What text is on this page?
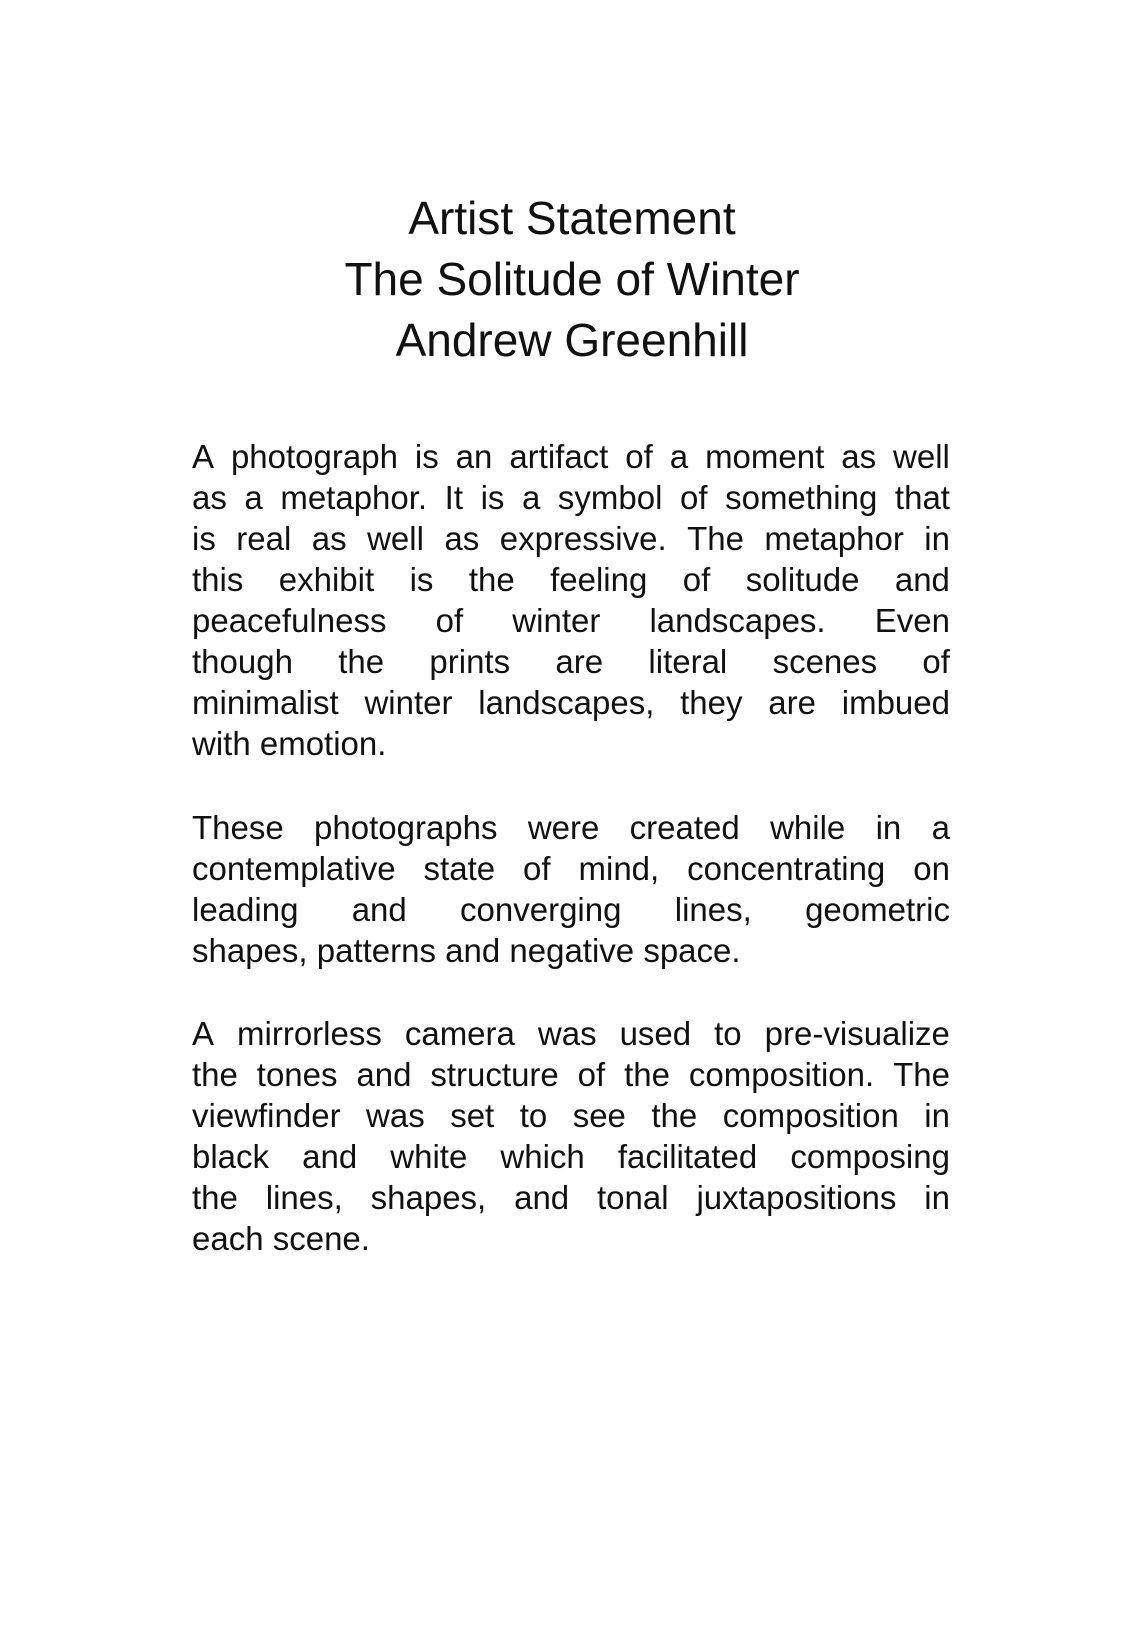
Artist Statement
The Solitude of Winter
Andrew Greenhill
A photograph is an artifact of a moment as well
as a metaphor. It is a symbol of something that
is real as well as expressive. The metaphor in
this exhibit is the feeling of solitude and
peacefulness of winter landscapes. Even
though the prints are literal scenes of
minimalist winter landscapes, they are imbued
with emotion.
These photographs were created while in a
contemplative state of mind, concentrating on
leading and converging lines, geometric
shapes, patterns and negative space.
A mirrorless camera was used to pre-visualize
the tones and structure of the composition. The
viewfinder was set to see the composition in
black and white which facilitated composing
the lines, shapes, and tonal juxtapositions in
each scene.
